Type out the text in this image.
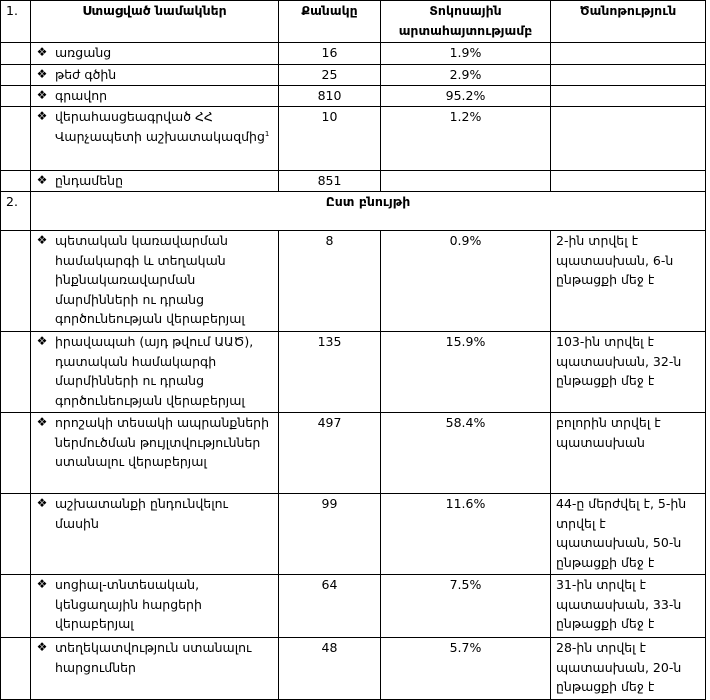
1.	Ստացված նամակներ	Քանակը	Տոկոսային արտահայտությամբ	Ծանոթություն

	❖ առցանց	16	1.9%	

	❖ թեժ գծին	25	2.9%	

	❖ գրավոր	810	95.2%	

	❖ վերահասցեագրված ՀՀ Վարչապետի աշխատակազմից$^1$	10	1.2%	

	❖ ընդամենը	851		
2.	Ըստ բնույթի			

	❖ պետական կառավարման համակարգի և տեղական ինքնակառավարման մարմինների ու դրանց գործունեության վերաբերյալ	8	0.9%	2-ին տրվել է պատասխան, 6-ն ընթացքի մեջ է

	❖ իրավապահ (այդ թվում ԱԱԾ), դատական համակարգի մարմինների ու դրանց գործունեության վերաբերյալ	135	15.9%	103-ին տրվել է պատասխան, 32-ն ընթացքի մեջ է

	❖ որոշակի տեսակի ապրանքների ներմուծման թույլտվություններ ստանալու վերաբերյալ	497	58.4%	բոլորին տրվել է պատասխան

	❖ աշխատանքի ընդունվելու մասին	99	11.6%	44-ը մերժվել է, 5-ին տրվել է պատասխան, 50-ն ընթացքի մեջ է

	❖ սոցիալ-տնտեսական, կենցաղային հարցերի վերաբերյալ	64	7.5%	31-ին տրվել է պատասխան, 33-ն ընթացքի մեջ է

	❖ տեղեկատվություն ստանալու հարցումներ	48	5.7%	28-ին տրվել է պատասխան, 20-ն ընթացքի մեջ է
